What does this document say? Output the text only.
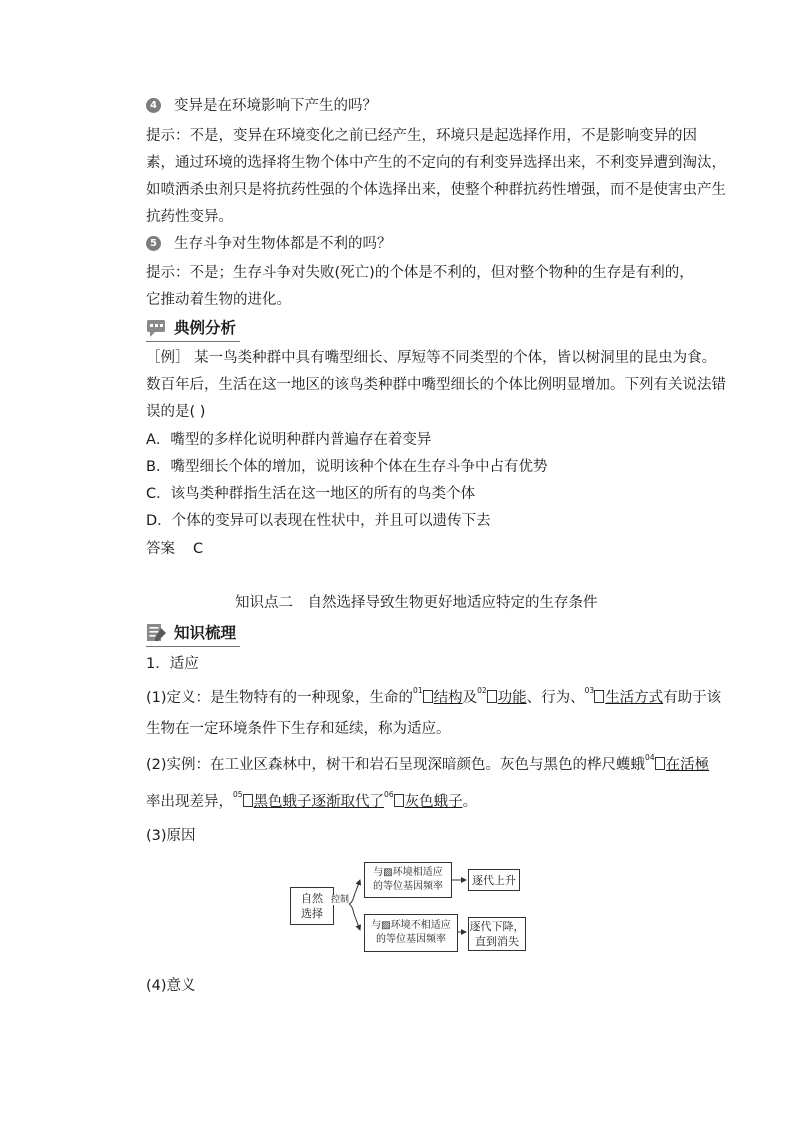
4 变异是在环境影响下产生的吗？
提示：不是，变异在环境变化之前已经产生，环境只是起选择作用，不是影响变异的因
素，通过环境的选择将生物个体中产生的不定向的有利变异选择出来，不利变异遭到淘汰，
如喷洒杀虫剂只是将抗药性强的个体选择出来，使整个种群抗药性增强，而不是使害虫产生
抗药性变异。
5 生存斗争对生物体都是不利的吗？
提示：不是；生存斗争对失败(死亡)的个体是不利的，但对整个物种的生存是有利的，
它推动着生物的进化。
典例分析
［例］ 某一鸟类种群中具有嘴型细长、厚短等不同类型的个体，皆以树洞里的昆虫为食。
数百年后，生活在这一地区的该鸟类种群中嘴型细长的个体比例明显增加。下列有关说法错
误的是( )
A．嘴型的多样化说明种群内普遍存在着变异
B．嘴型细长个体的增加，说明该种个体在生存斗争中占有优势
C．该鸟类种群指生活在这一地区的所有的鸟类个体
D．个体的变异可以表现在性状中，并且可以遗传下去
答案 C
知识点二　自然选择导致生物更好地适应特定的生存条件
知识梳理
1．适应
(1)定义：是生物特有的一种现象，生命的$^{01}$ 结构及$^{02}$ 功能、行为、$^{03}$ 生活方式有助于该
生物在一定环境条件下生存和延续，称为适应。
(2)实例：在工业区森林中，树干和岩石呈现深暗颜色。灰色与黑色的桦尺蠖蛾$^{04}$ 在活極
率出现差异，$^{05}$ 黑色蛾子逐渐取代了$^{06}$ 灰色蛾子。
(3)原因
自然
选择
控制
与▨环境相适应
的等位基因频率	逐代上升
与▨环境不相适应
的等位基因频率
逐代下降，
直到消失
(4)意义
